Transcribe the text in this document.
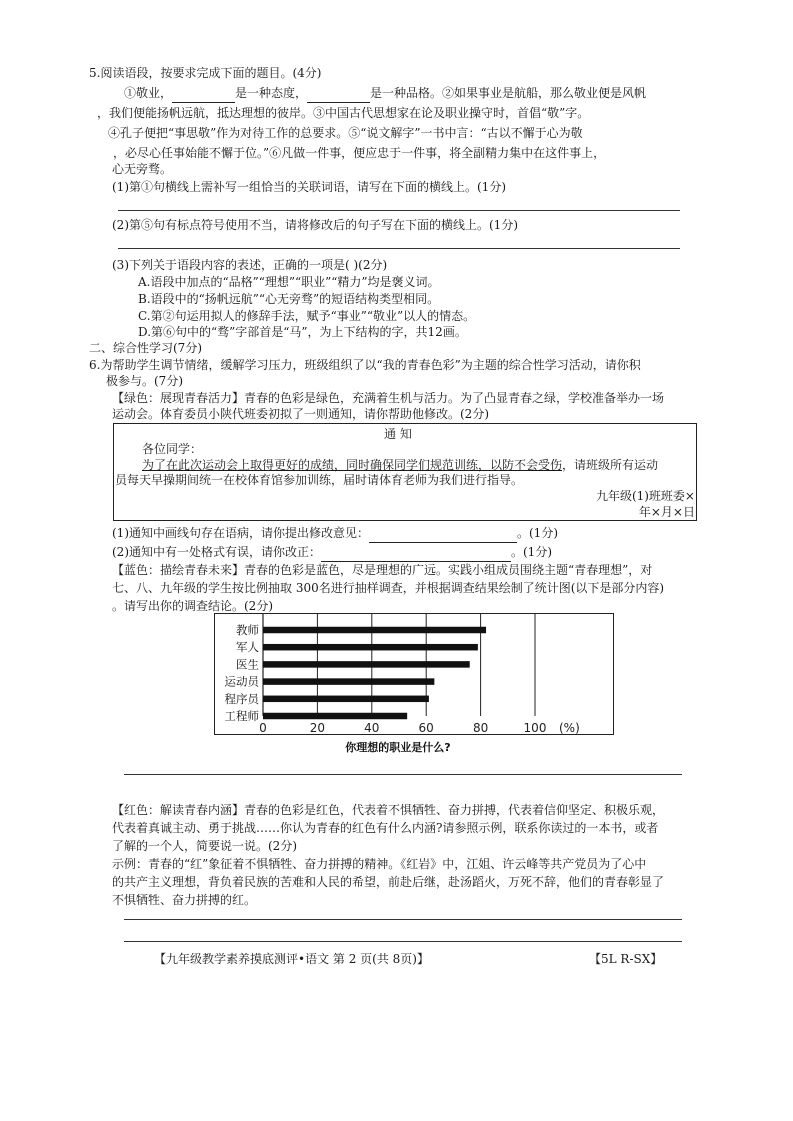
5.阅读语段，按要求完成下面的题目。(4分)
①敬业，	是一种态度，	是一种品格。②如果事业是航船，那么敬业便是风帆
，我们便能扬帆远航，抵达理想的彼岸。③中国古代思想家在论及职业操守时，首倡“敬”字。
④孔子便把“事思敬”作为对待工作的总要求。⑤“说文解字”一书中言：“古以不懈于心为敬
，必尽心任事始能不懈于位。”⑥凡做一件事，便应忠于一件事，将全副精力集中在这件事上，
心无旁骛。
(1)第①句横线上需补写一组恰当的关联词语，请写在下面的横线上。(1分)
(2)第⑤句有标点符号使用不当，请将修改后的句子写在下面的横线上。(1分)
(3)下列关于语段内容的表述，正确的一项是( )(2分)
A.语段中加点的“品格”“理想”“职业”“精力”均是褒义词。
B.语段中的“扬帆远航”“心无旁骛”的短语结构类型相同。
C.第②句运用拟人的修辞手法，赋予“事业”“敬业”以人的情态。
D.第⑥句中的“骛”字部首是“马”，为上下结构的字，共12画。
二、综合性学习(7分)
6.为帮助学生调节情绪，缓解学习压力，班级组织了以“我的青春色彩”为主题的综合性学习活动，请你积
极参与。(7分)
【绿色：展现青春活力】青春的色彩是绿色，充满着生机与活力。为了凸显青春之绿，学校准备举办一场
运动会。体育委员小陕代班委初拟了一则通知，请你帮助他修改。(2分)
通 知
各位同学：
为了在此次运动会上取得更好的成绩，同时确保同学们规范训练，以防不会受伤，请班级所有运动
员每天早操期间统一在校体育馆参加训练，届时请体育老师为我们进行指导。
九年级(1)班班委×
年×月×日
(1)通知中画线句存在语病，请你提出修改意见：	。(1分)
(2)通知中有一处格式有误，请你改正：	。(1分)
【蓝色：描绘青春未来】青春的色彩是蓝色，尽是理想的广远。实践小组成员围绕主题“青春理想”，对
七、八、九年级的学生按比例抽取 300名进行抽样调查，并根据调查结果绘制了统计图(以下是部分内容)
。请写出你的调查结论。(2分)
教师
军人
医生
运动员
程序员
工程师
0	20	40	60	80	100 (%)
你理想的职业是什么?
【红色：解读青春内涵】青春的色彩是红色，代表着不惧牺牲、奋力拼搏，代表着信仰坚定、积极乐观，
代表着真诚主动、勇于挑战……你认为青春的红色有什么内涵?请参照示例，联系你读过的一本书，或者
了解的一个人，简要说一说。(2分)
示例：青春的“红”象征着不惧牺牲、奋力拼搏的精神。《红岩》中，江姐、许云峰等共产党员为了心中
的共产主义理想，背负着民族的苦难和人民的希望，前赴后继，赴汤蹈火，万死不辞，他们的青春彰显了
不惧牺牲、奋力拼搏的红。
【九年级教学素养摸底测评•语文 第 2 页(共 8页)】	【5L R-SX】
